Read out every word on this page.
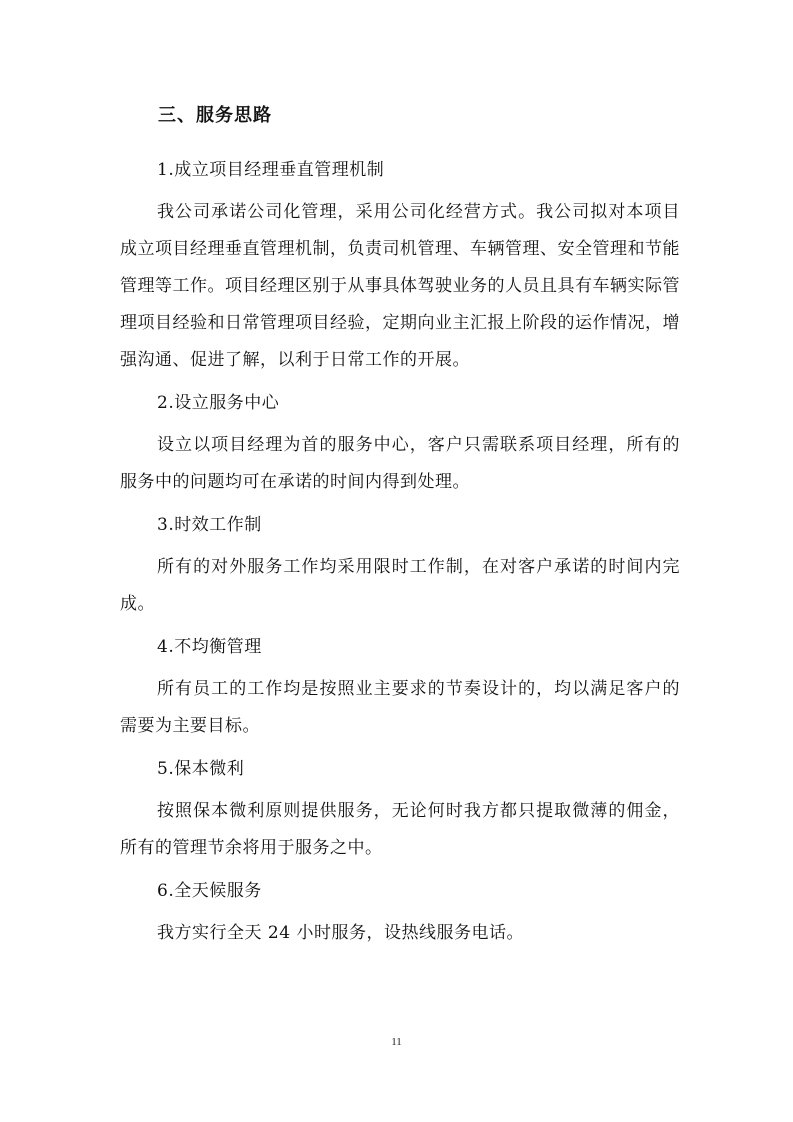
三、服务思路
1.成立项目经理垂直管理机制

我公司承诺公司化管理，采用公司化经营方式。我公司拟对本项目成立项目经理垂直管理机制，负责司机管理、车辆管理、安全管理和节能管理等工作。项目经理区别于从事具体驾驶业务的人员且具有车辆实际管理项目经验和日常管理项目经验，定期向业主汇报上阶段的运作情况，增强沟通、促进了解，以利于日常工作的开展。

2.设立服务中心

设立以项目经理为首的服务中心，客户只需联系项目经理，所有的服务中的问题均可在承诺的时间内得到处理。

3.时效工作制

所有的对外服务工作均采用限时工作制，在对客户承诺的时间内完成。

4.不均衡管理

所有员工的工作均是按照业主要求的节奏设计的，均以满足客户的需要为主要目标。

5.保本微利

按照保本微利原则提供服务，无论何时我方都只提取微薄的佣金，所有的管理节余将用于服务之中。

6.全天候服务

我方实行全天 24 小时服务，设热线服务电话。

11
